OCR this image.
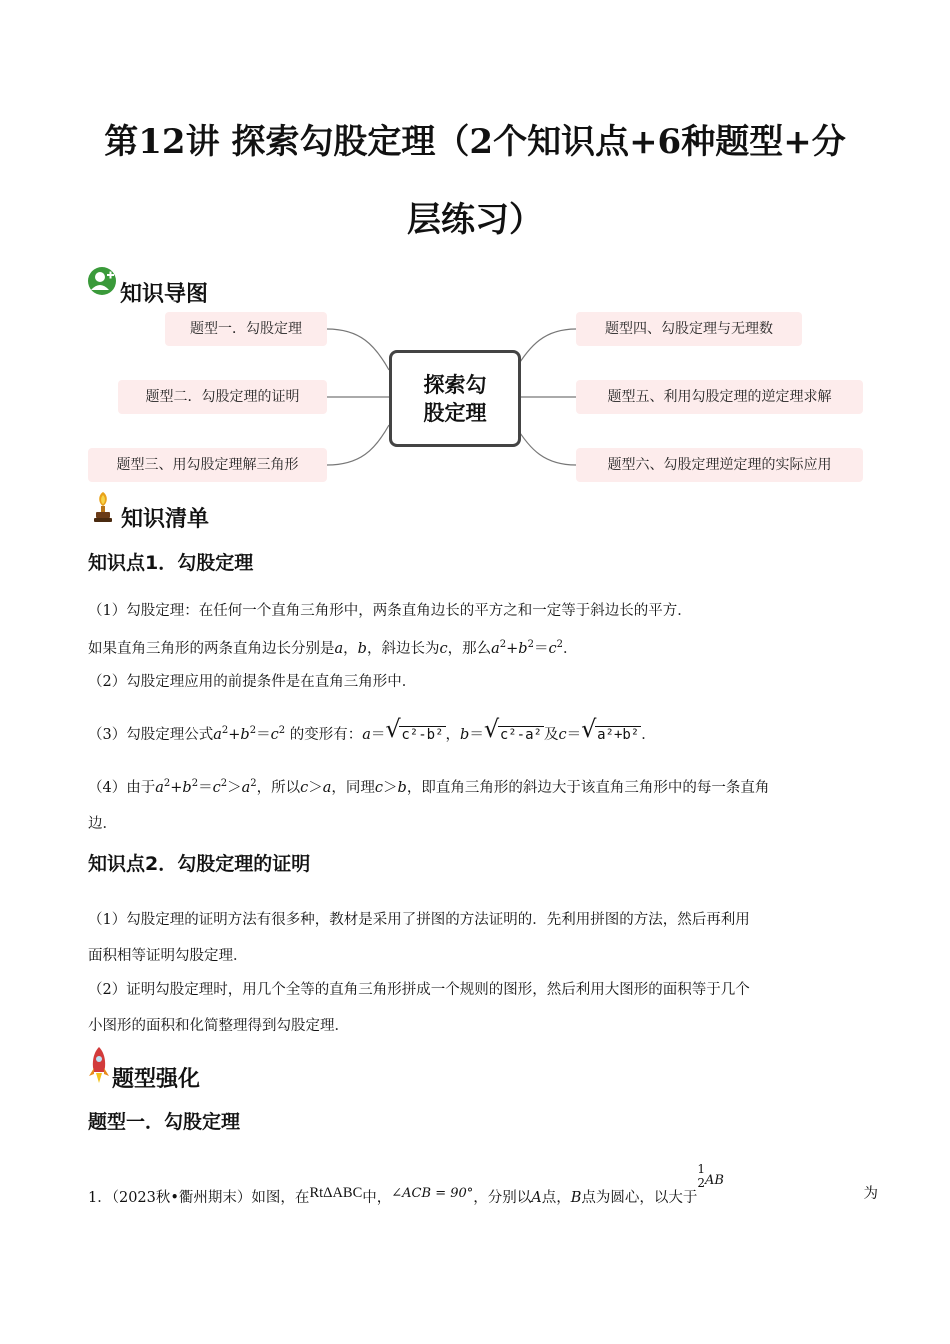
第12讲 探索勾股定理（2个知识点+6种题型+分
层练习）
知识导图
题型一．勾股定理
题型二．勾股定理的证明
题型三、用勾股定理解三角形
题型四、勾股定理与无理数
题型五、利用勾股定理的逆定理求解
题型六、勾股定理逆定理的实际应用
探索勾
股定理
知识清单
知识点1．勾股定理
（1）勾股定理：在任何一个直角三角形中，两条直角边长的平方之和一定等于斜边长的平方．
如果直角三角形的两条直角边长分别是a，b，斜边长为c，那么$a^2+b^2=c^2$．
（2）勾股定理应用的前提条件是在直角三角形中．
（3）勾股定理公式$a^2+b^2=c^2$ 的变形有：a＝ √ c²-b² ，b＝ √ c²-a² 及c＝ √ a²+b² ．
（4）由于$a^2+b^2=c^2>a^2$，所以c＞a，同理c＞b，即直角三角形的斜边大于该直角三角形中的每一条直角
边．
知识点2．勾股定理的证明
（1）勾股定理的证明方法有很多种，教材是采用了拼图的方法证明的．先利用拼图的方法，然后再利用
面积相等证明勾股定理．
（2）证明勾股定理时，用几个全等的直角三角形拼成一个规则的图形，然后利用大图形的面积等于几个
小图形的面积和化简整理得到勾股定理．
题型强化
题型一．勾股定理
1．（2023秋•衢州期末）如图，在RtΔABC中，∠ACB = 90°，分别以A点，B点为圆心，以大于1
2AB
为
